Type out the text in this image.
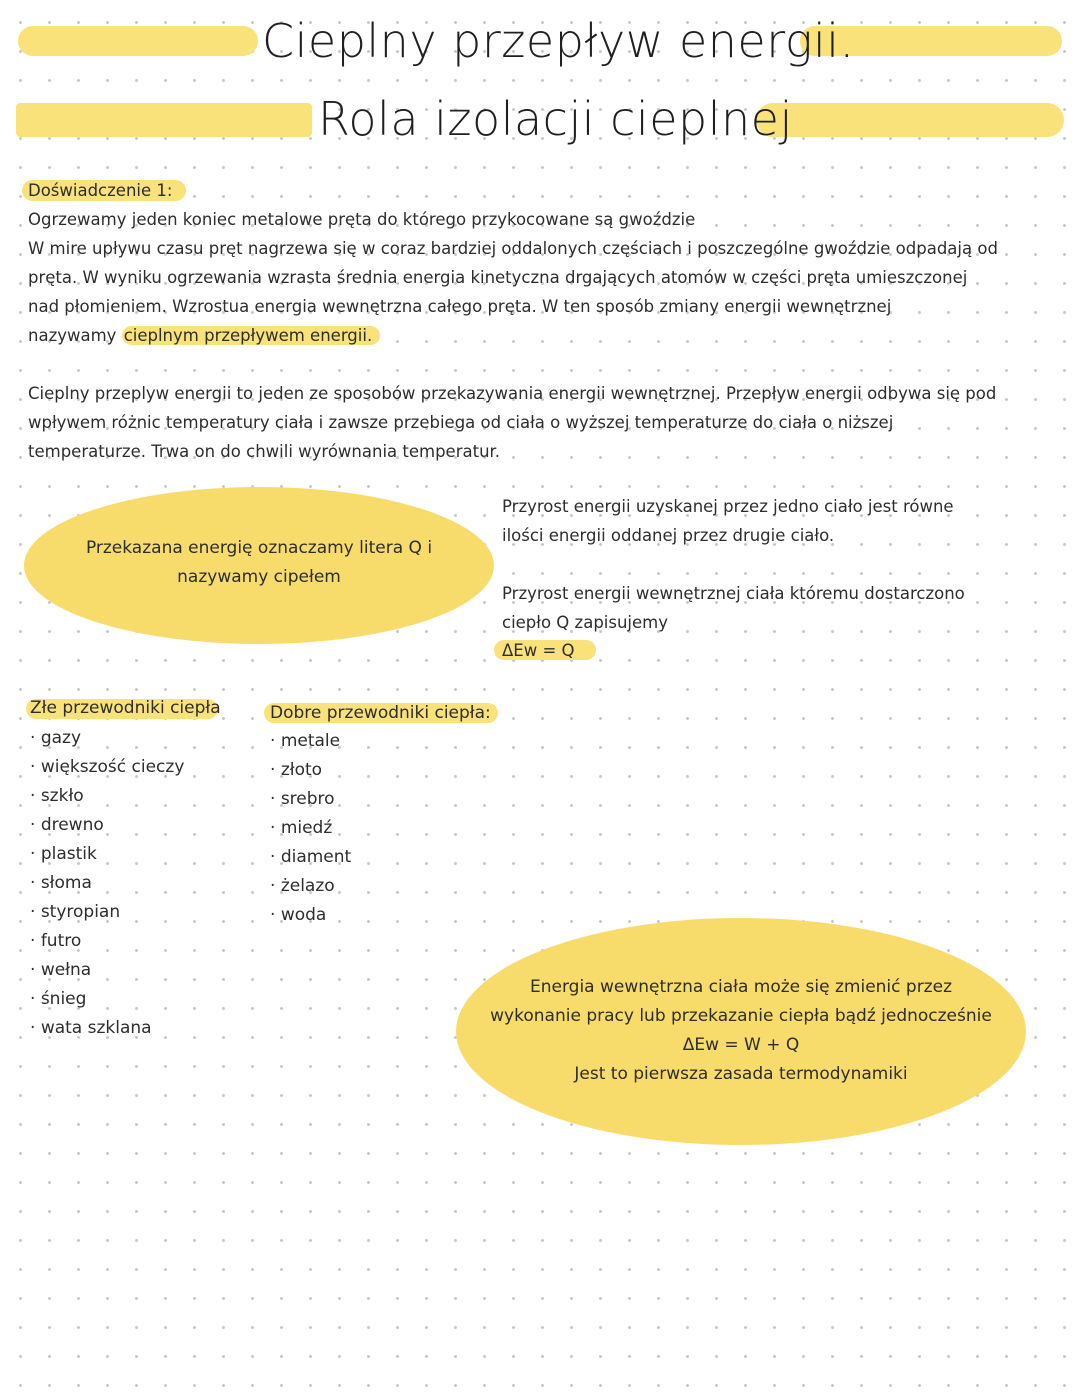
Cieplny przepływ energii.
Rola izolacji cieplnej
Doświadczenie 1:
Ogrzewamy jeden koniec metalowe pręta do którego przykocowane są gwoździe
W mire upływu czasu pręt nagrzewa się w coraz bardziej oddalonych częściach i poszczególne gwoździe odpadają od
pręta. W wyniku ogrzewania wzrasta średnia energia kinetyczna drgających atomów w części pręta umieszczonej
nad płomieniem. Wzrostua energia wewnętrzna całego pręta. W ten sposób zmiany energii wewnętrznej
nazywamy cieplnym przepływem energii.
Cieplny przeplyw energii to jeden ze sposobów przekazywania energii wewnętrznej. Przepływ energii odbywa się pod
wpływem różnic temperatury ciała i zawsze przebiega od ciała o wyższej temperaturze do ciała o niższej
temperaturze. Trwa on do chwili wyrównania temperatur.
Przekazana energię oznaczamy litera Q i
nazywamy cipełem
Przyrost energii uzyskanej przez jedno ciało jest równe
ilości energii oddanej przez drugie ciało.
Przyrost energii wewnętrznej ciała któremu dostarczono
ciepło Q zapisujemy
ΔEw = Q
Złe przewodniki ciepła
· gazy
· większość cieczy
· szkło
· drewno
· plastik
· słoma
· styropian
· futro
· wełna
· śnieg
· wata szklana
Dobre przewodniki ciepła:
· metale
· złoto
· srebro
· miedź
· diament
· żelazo
· woda
Energia wewnętrzna ciała może się zmienić przez
wykonanie pracy lub przekazanie ciepła bądź jednocześnie
ΔEw = W + Q
Jest to pierwsza zasada termodynamiki
